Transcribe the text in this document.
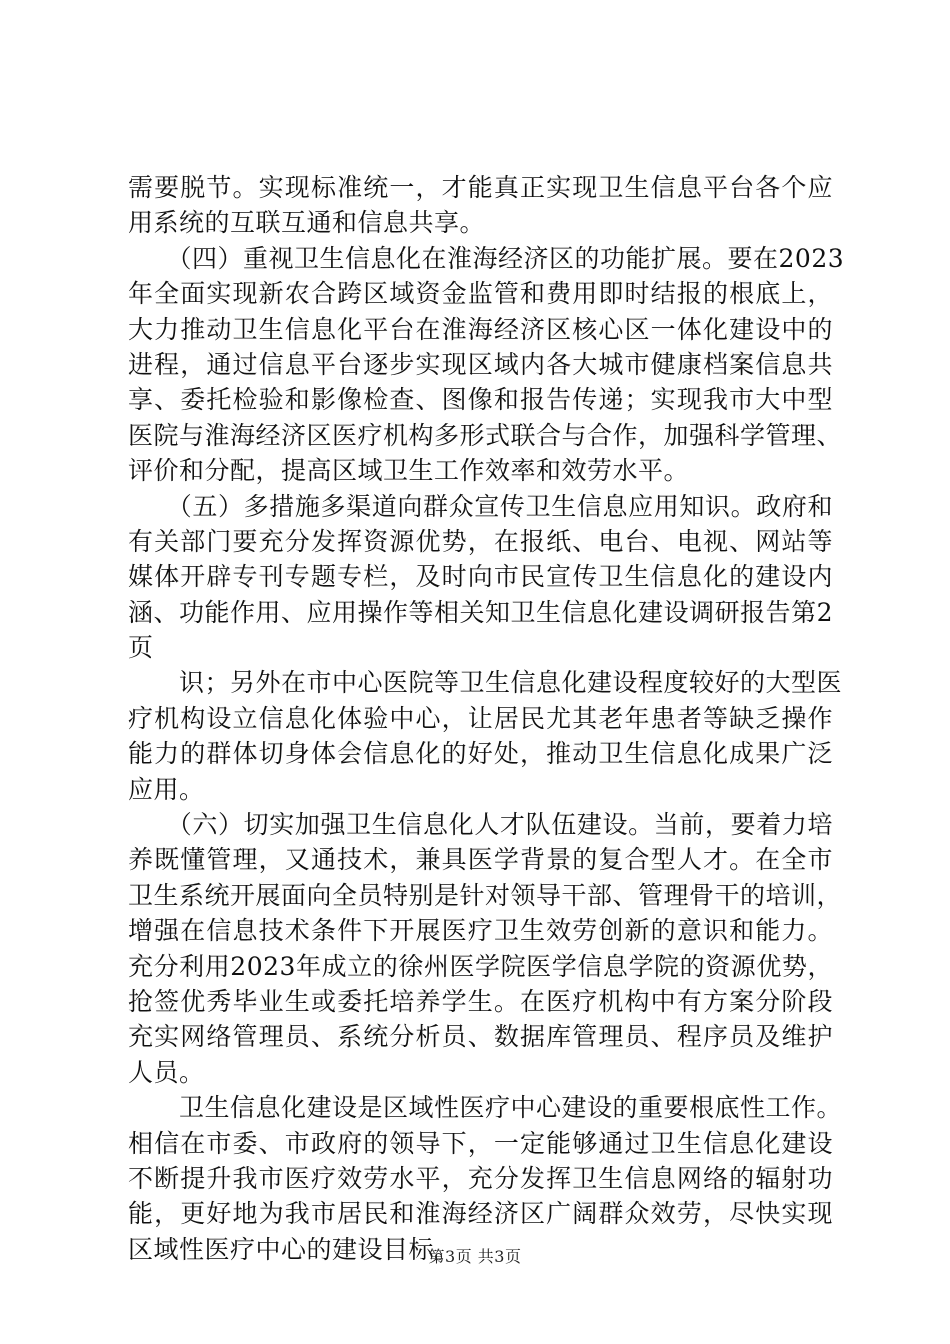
需要脱节。实现标准统一，才能真正实现卫生信息平台各个应
用系统的互联互通和信息共享。
　　（四）重视卫生信息化在淮海经济区的功能扩展。要在2023
年全面实现新农合跨区域资金监管和费用即时结报的根底上，
大力推动卫生信息化平台在淮海经济区核心区一体化建设中的
进程，通过信息平台逐步实现区域内各大城市健康档案信息共
享、委托检验和影像检查、图像和报告传递；实现我市大中型
医院与淮海经济区医疗机构多形式联合与合作，加强科学管理、
评价和分配，提高区域卫生工作效率和效劳水平。
　　（五）多措施多渠道向群众宣传卫生信息应用知识。政府和
有关部门要充分发挥资源优势，在报纸、电台、电视、网站等
媒体开辟专刊专题专栏，及时向市民宣传卫生信息化的建设内
涵、功能作用、应用操作等相关知卫生信息化建设调研报告第2
页
　　识；另外在市中心医院等卫生信息化建设程度较好的大型医
疗机构设立信息化体验中心，让居民尤其老年患者等缺乏操作
能力的群体切身体会信息化的好处，推动卫生信息化成果广泛
应用。
　　（六）切实加强卫生信息化人才队伍建设。当前，要着力培
养既懂管理，又通技术，兼具医学背景的复合型人才。在全市
卫生系统开展面向全员特别是针对领导干部、管理骨干的培训，
增强在信息技术条件下开展医疗卫生效劳创新的意识和能力。
充分利用2023年成立的徐州医学院医学信息学院的资源优势，
抢签优秀毕业生或委托培养学生。在医疗机构中有方案分阶段
充实网络管理员、系统分析员、数据库管理员、程序员及维护
人员。
　　卫生信息化建设是区域性医疗中心建设的重要根底性工作。
相信在市委、市政府的领导下，一定能够通过卫生信息化建设
不断提升我市医疗效劳水平，充分发挥卫生信息网络的辐射功
能，更好地为我市居民和淮海经济区广阔群众效劳，尽快实现
区域性医疗中心的建设目标。
第3页 共3页
